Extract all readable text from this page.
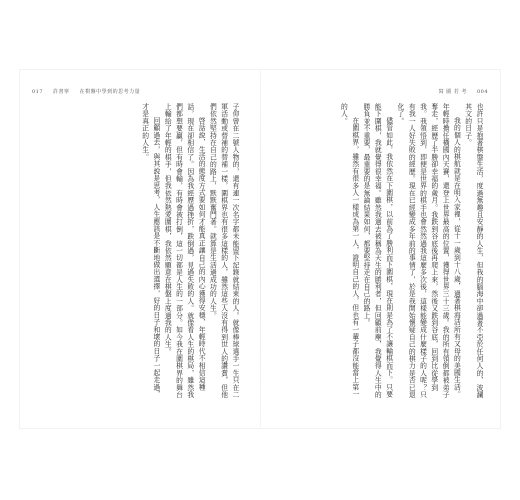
017 許書寧 在棋盤中學到的思考力量	寫 圍 若 考 004

也許只是抱著棋盤生活，度過無趣且安靜的人生，但我的腦海中卻過著不亞於任何人的，波瀾其文的日子。

我的個人的棋航就是在明入家裡，從十一歲到十八歲，過著棋海活所有又母的美國生活。年輕時擔任橫國內天賽，還登上世界最高的位置，獲得世界三十三歲。我的所有領倒都被弟子奪走，經歷了半勝卻幸福的歲月。我跌到谷底後再爬上來，然後又跌到谷底，回到比從學到我。我領悟到，即便是世界的棋手也會然然過我這麼多次後，這樣能變成什麼樣子的人呢？只有我一人好失敗的經歷。現在已經變成多年前的事情了，於是我開始懷疑自己的棋力是否已退化了。

儘管如此，我依然在下圍棋，以前為了勝利而下圍棋，現在則是為了不讓輸棋而下。只要能下圍棋，我就覺得很幸福。雖然我過去被稱為天生的勝利者，但回顧前塵，我覺得人生中的勝負並不重要，最重要的是無論結果如何，都要堅持走在自己的路上。

在圍棋界，雖然有很多人一樣成為第一人，證明自己的人，但也有一輩子都沒能當上第一的人。

子仰曾在二號人物的，還有連一次名字都未能留下記錄就結束的人。就像棒球選手一生只在二軍活動或替補的替補一樣，圍棋界也有很多這樣的人，雖然這些人沒有得到世人的讚賞，但他們依然堅持在自己的路上，默默奮鬥著。就算是生活過成功的人生。

啓話說，生活的態度方式要如何才能真正讓自己的內心獲得安穩，年輕時代不相信這種話，現在卻相信了。因為我經歷過挫折，跌倒過，見過失敗的人。就像看人生的棋局，雖然我們都想要贏，但有時會輸，有時會被打倒，這一切都是人生的一部分。如今我在圍棋界的舞台上輸給了年輕的棋手，但我依然熱愛圍棋，我依然願意在棋盤上度過我的人生。

回顧過去，與其說是思考，人生應該是不斷地做出選擇，好的日子和壞的日子一起走過，才是真正的人生。
